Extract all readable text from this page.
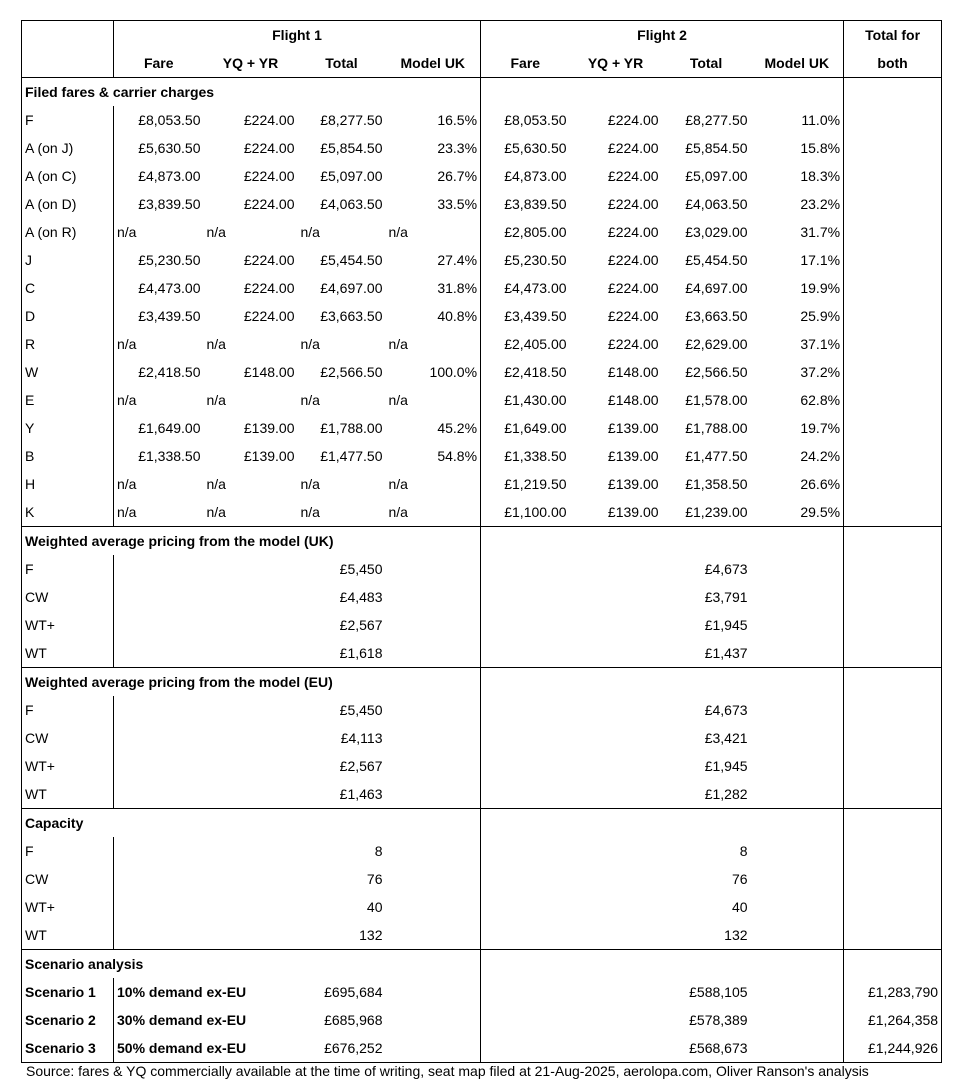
	Flight 1				Flight 2				Total for
	Fare	YQ + YR	Total	Model UK	Fare	YQ + YR	Total	Model UK	both
Filed fares & carrier charges									
F	£8,053.50	£224.00	£8,277.50	16.5%	£8,053.50	£224.00	£8,277.50	11.0%	
A (on J)	£5,630.50	£224.00	£5,854.50	23.3%	£5,630.50	£224.00	£5,854.50	15.8%	
A (on C)	£4,873.00	£224.00	£5,097.00	26.7%	£4,873.00	£224.00	£5,097.00	18.3%	
A (on D)	£3,839.50	£224.00	£4,063.50	33.5%	£3,839.50	£224.00	£4,063.50	23.2%	
A (on R)	n/a	n/a	n/a	n/a	£2,805.00	£224.00	£3,029.00	31.7%	
J	£5,230.50	£224.00	£5,454.50	27.4%	£5,230.50	£224.00	£5,454.50	17.1%	
C	£4,473.00	£224.00	£4,697.00	31.8%	£4,473.00	£224.00	£4,697.00	19.9%	
D	£3,439.50	£224.00	£3,663.50	40.8%	£3,439.50	£224.00	£3,663.50	25.9%	
R	n/a	n/a	n/a	n/a	£2,405.00	£224.00	£2,629.00	37.1%	
W	£2,418.50	£148.00	£2,566.50	100.0%	£2,418.50	£148.00	£2,566.50	37.2%	
E	n/a	n/a	n/a	n/a	£1,430.00	£148.00	£1,578.00	62.8%	
Y	£1,649.00	£139.00	£1,788.00	45.2%	£1,649.00	£139.00	£1,788.00	19.7%	
B	£1,338.50	£139.00	£1,477.50	54.8%	£1,338.50	£139.00	£1,477.50	24.2%	
H	n/a	n/a	n/a	n/a	£1,219.50	£139.00	£1,358.50	26.6%	
K	n/a	n/a	n/a	n/a	£1,100.00	£139.00	£1,239.00	29.5%	
Weighted average pricing from the model (UK)									
F			£5,450				£4,673		
CW			£4,483				£3,791		
WT+			£2,567				£1,945		
WT			£1,618				£1,437		
Weighted average pricing from the model (EU)									
F			£5,450				£4,673		
CW			£4,113				£3,421		
WT+			£2,567				£1,945		
WT			£1,463				£1,282		
Capacity									
F			8				8		
CW			76				76		
WT+			40				40		
WT			132				132		
Scenario analysis									
Scenario 1	10% demand ex-EU		£695,684				£588,105		£1,283,790
Scenario 2	30% demand ex-EU		£685,968				£578,389		£1,264,358
Scenario 3	50% demand ex-EU		£676,252				£568,673		£1,244,926
Source: fares & YQ commercially available at the time of writing, seat map filed at 21-Aug-2025, aerolopa.com, Oliver Ranson's analysis
